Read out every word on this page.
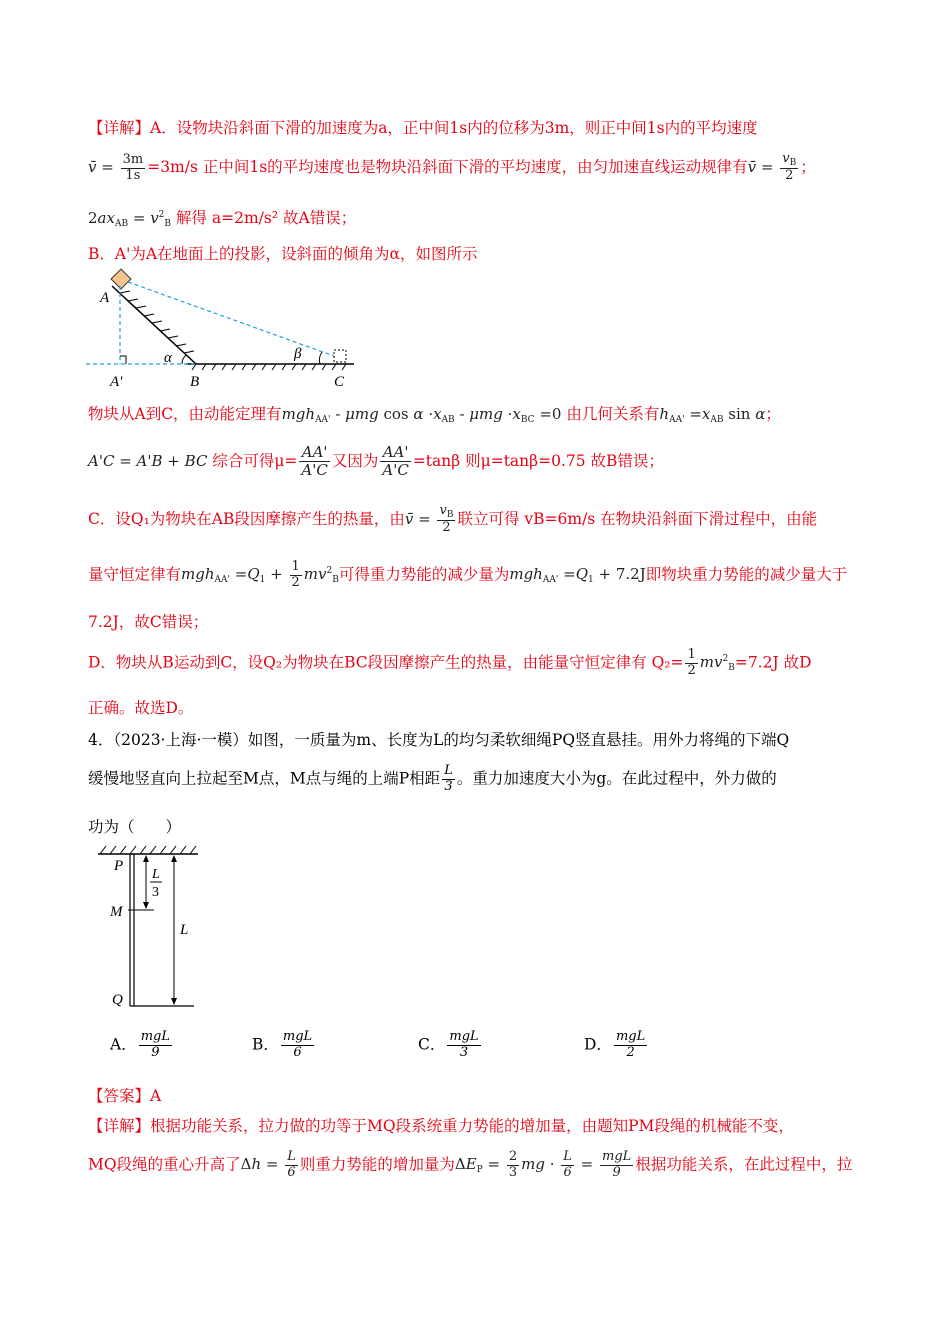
【详解】A．设物块沿斜面下滑的加速度为a，正中间1s内的位移为3m，则正中间1s内的平均速度
v̄ = $\frac{3m}{1s} =3m/s$ 正中间1s的平均速度也是物块沿斜面下滑的平均速度，由匀加速直线运动规律有v̄ = $\frac{v_B}{2}$ ；
$2ax_{AB} = v^2_B$ 解得 a=2m/s² 故A错误；
B．A'为A在地面上的投影，设斜面的倾角为α，如图所示
A
A'	B	C
α	β
物块从A到C，由动能定理有mgh$_{AA'}$ - μmg $\cos \alpha \cdot x_{AB} - \mu mg \cdot x_{BC} =0$ 由几何关系有$h_{AA'} =x_{AB}$ sin α；
A'C = A'B + BC 综合可得$\mu= \frac{AA'}{A'C}$ 又因为 $\frac{AA'}{A'C} =\tan\beta$ 则μ=tanβ=0.75 故B错误；
C．设Q₁为物块在AB段因摩擦产生的热量，由v̄ = $\frac{v_B}{2}$ 联立可得 vB=6m/s 在物块沿斜面下滑过程中，由能
量守恒定律有$mgh_{AA'} =Q_1 + \frac{1}{2} mv^2_B$可得重力势能的减少量为$mgh_{AA'} =Q_1 + 7.2J$即物块重力势能的减少量大于
7.2J，故C错误；
D．物块从B运动到C，设Q₂为物块在BC段因摩擦产生的热量，由能量守恒定律有 $Q_2= \frac{1}{2} mv^2_B=7.2J$ 故D
正确。故选D。
4．（2023·上海·一模）如图，一质量为m、长度为L的均匀柔软细绳PQ竖直悬挂。用外力将绳的下端Q
缓慢地竖直向上拉起至M点，M点与绳的上端P相距 $\frac{L}{3}$ 。重力加速度大小为g。在此过程中，外力做的
功为（　　）
P
M
Q
L
3
L
A． $\frac{\text{mgL}}{9}$	B． $\frac{\text{mgL}}{6}$	C． $\frac{\text{mgL}}{3}$	D． $\frac{\text{mgL}}{2}$
【答案】A
【详解】根据功能关系，拉力做的功等于MQ段系统重力势能的增加量，由题知PM段绳的机械能不变，
MQ段绳的重心升高了$\Delta h = \frac{L}{6}$ 则重力势能的增加量为$\Delta E_P = \frac{2}{3}$ mg · $\frac{L}{6} = \frac{\text{mgL}}{9}$ 根据功能关系，在此过程中，拉
